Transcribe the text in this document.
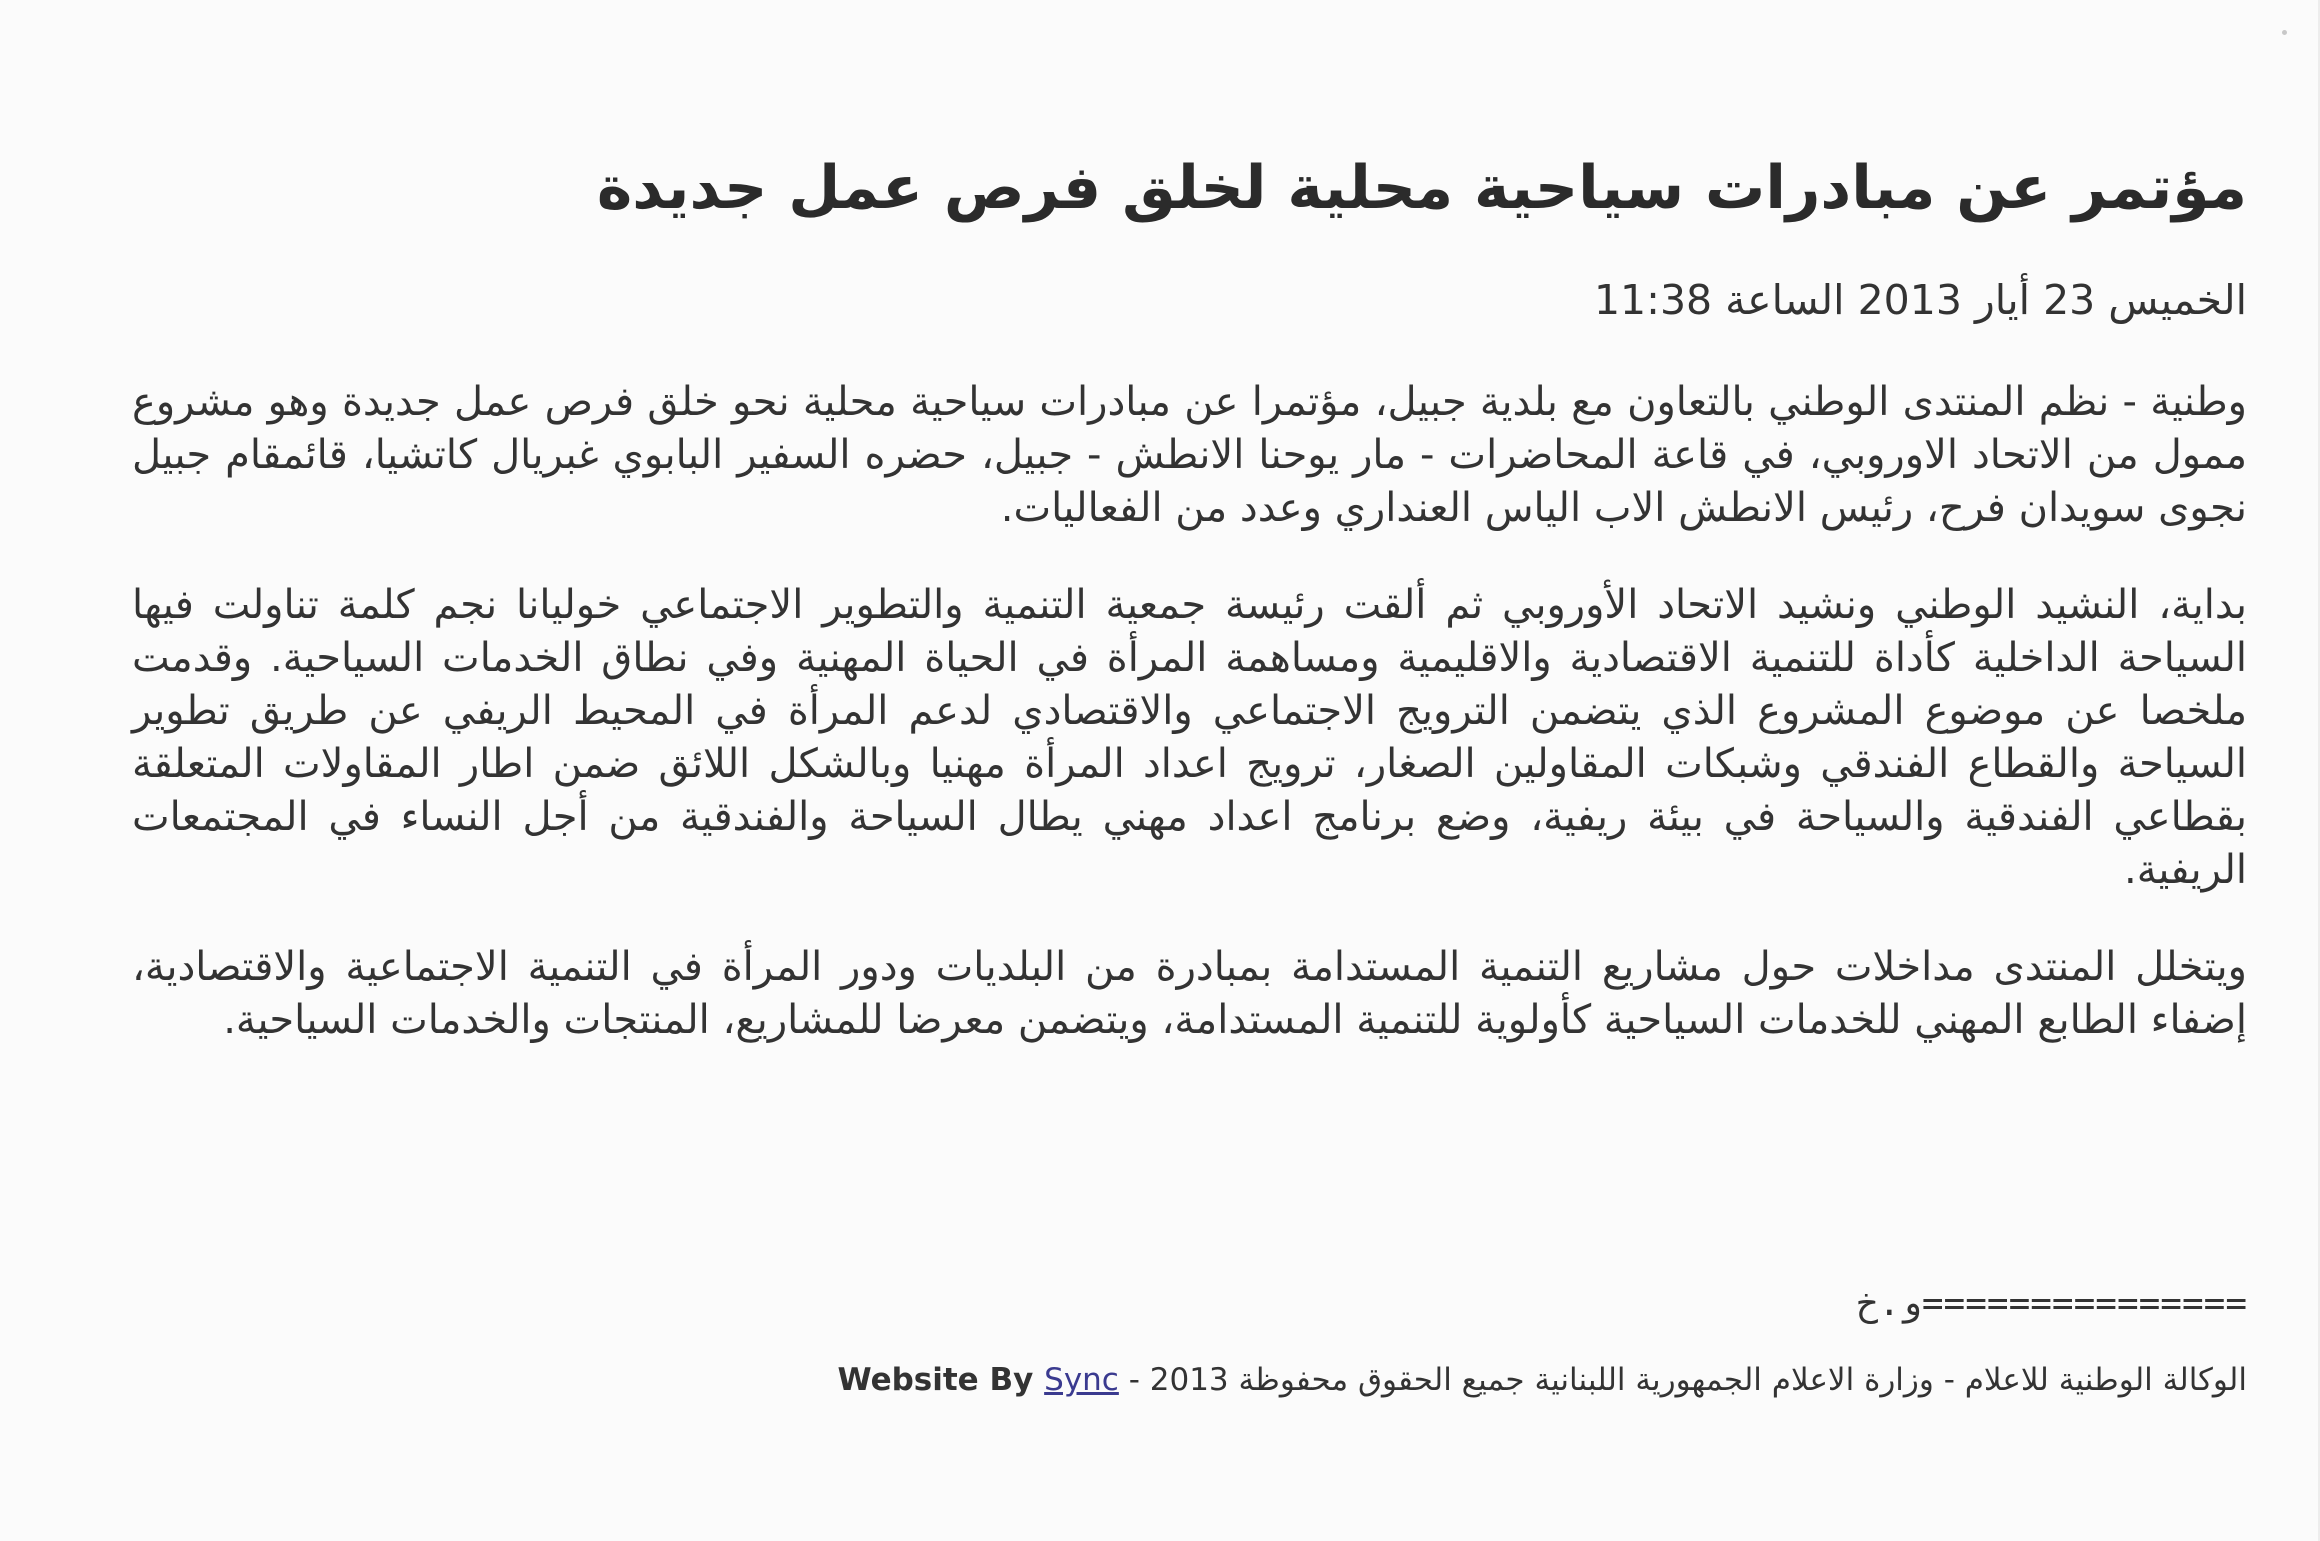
مؤتمر عن مبادرات سياحية محلية لخلق فرص عمل جديدة

الخميس 23 أيار 2013 الساعة 11:38

وطنية - نظم المنتدى الوطني بالتعاون مع بلدية جبيل، مؤتمرا عن مبادرات سياحية محلية نحو خلق فرص عمل جديدة وهو مشروع ممول من الاتحاد الاوروبي، في قاعة المحاضرات - مار يوحنا الانطش - جبيل، حضره السفير البابوي غبريال كاتشيا، قائمقام جبيل نجوى سويدان فرح، رئيس الانطش الاب الياس العنداري وعدد من الفعاليات.

بداية، النشيد الوطني ونشيد الاتحاد الأوروبي ثم ألقت رئيسة جمعية التنمية والتطوير الاجتماعي خوليانا نجم كلمة تناولت فيها السياحة الداخلية كأداة للتنمية الاقتصادية والاقليمية ومساهمة المرأة في الحياة المهنية وفي نطاق الخدمات السياحية. وقدمت ملخصا عن موضوع المشروع الذي يتضمن الترويج الاجتماعي والاقتصادي لدعم المرأة في المحيط الريفي عن طريق تطوير السياحة والقطاع الفندقي وشبكات المقاولين الصغار، ترويج اعداد المرأة مهنيا وبالشكل اللائق ضمن اطار المقاولات المتعلقة بقطاعي الفندقية والسياحة في بيئة ريفية، وضع برنامج اعداد مهني يطال السياحة والفندقية من أجل النساء في المجتمعات الريفية.

ويتخلل المنتدى مداخلات حول مشاريع التنمية المستدامة بمبادرة من البلديات ودور المرأة في التنمية الاجتماعية والاقتصادية، إضفاء الطابع المهني للخدمات السياحية كأولوية للتنمية المستدامة، ويتضمن معرضا للمشاريع، المنتجات والخدمات السياحية.

===============و.خ
الوكالة الوطنية للاعلام - وزارة الاعلام الجمهورية اللبنانية جميع الحقوق محفوظة 2013 - Website By Sync
